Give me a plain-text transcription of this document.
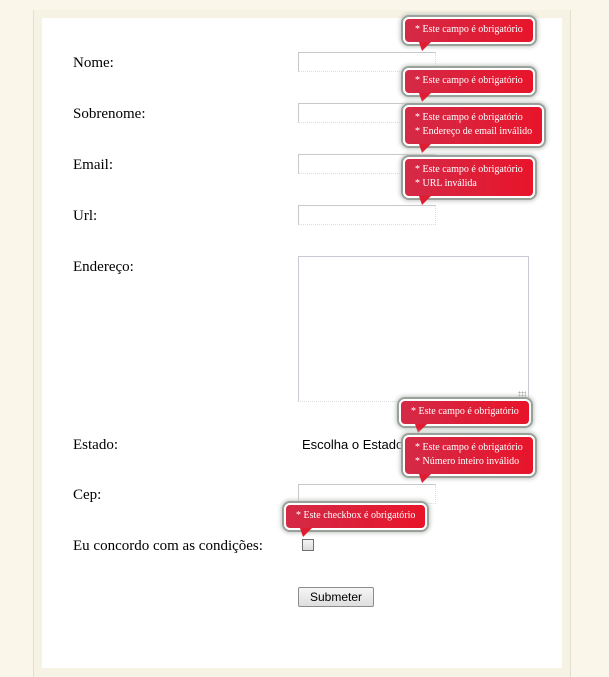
Nome:
Sobrenome:
Email:
Url:
Endereço:
Estado:
Cep:
Eu concordo com as condições:
Escolha o Estado
Submeter
* Este campo é obrigatório
* Este campo é obrigatório
* Este campo é obrigatório
* Endereço de email inválido
* Este campo é obrigatório
* URL inválida
* Este campo é obrigatório
* Este campo é obrigatório
* Número inteiro inválido
* Este checkbox é obrigatório
